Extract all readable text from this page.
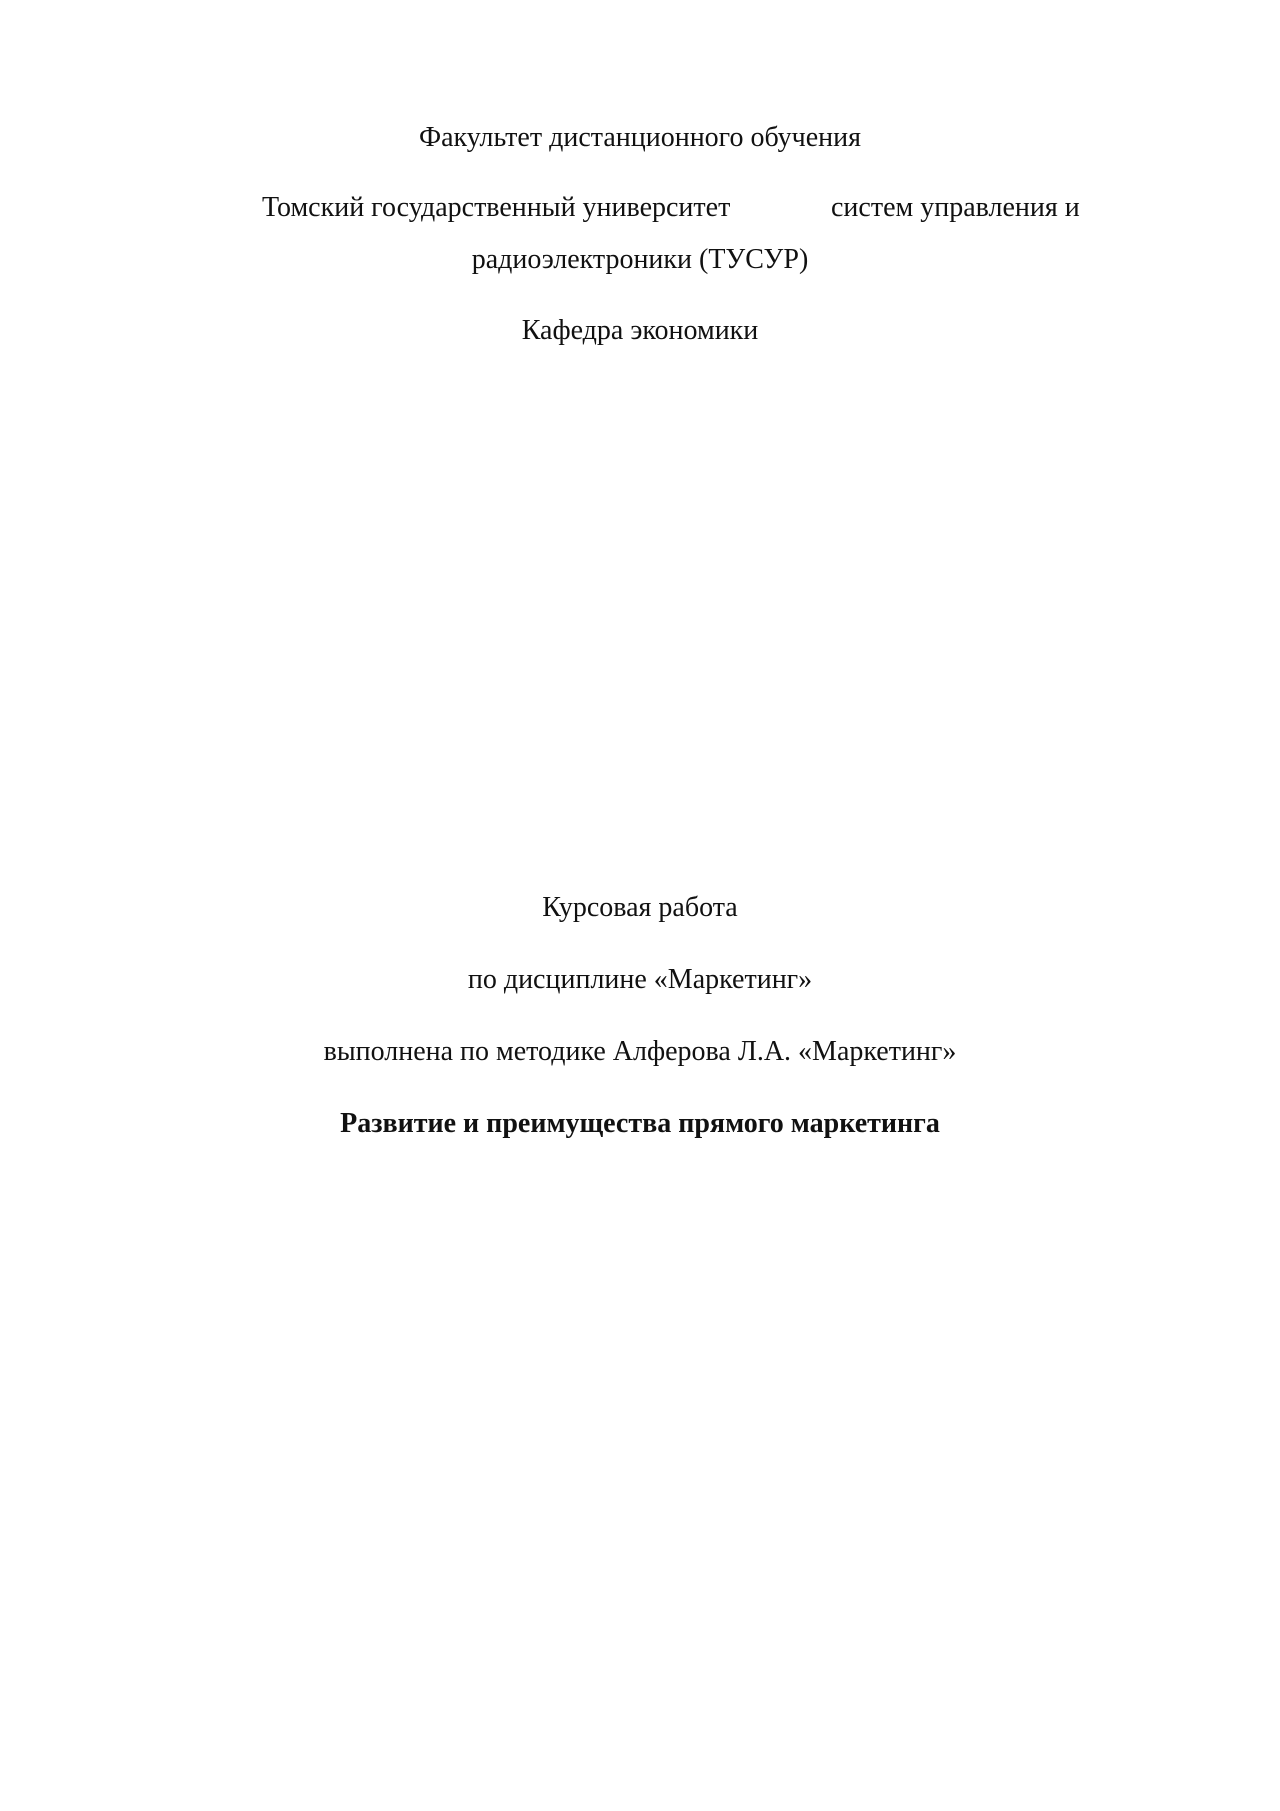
Факультет дистанционного обучения
Томский государственный университет	систем управления и
радиоэлектроники (ТУСУР)
Кафедра экономики
Курсовая работа
по дисциплине «Маркетинг»
выполнена по методике Алферова Л.А. «Маркетинг»
Развитие и преимущества прямого маркетинга
